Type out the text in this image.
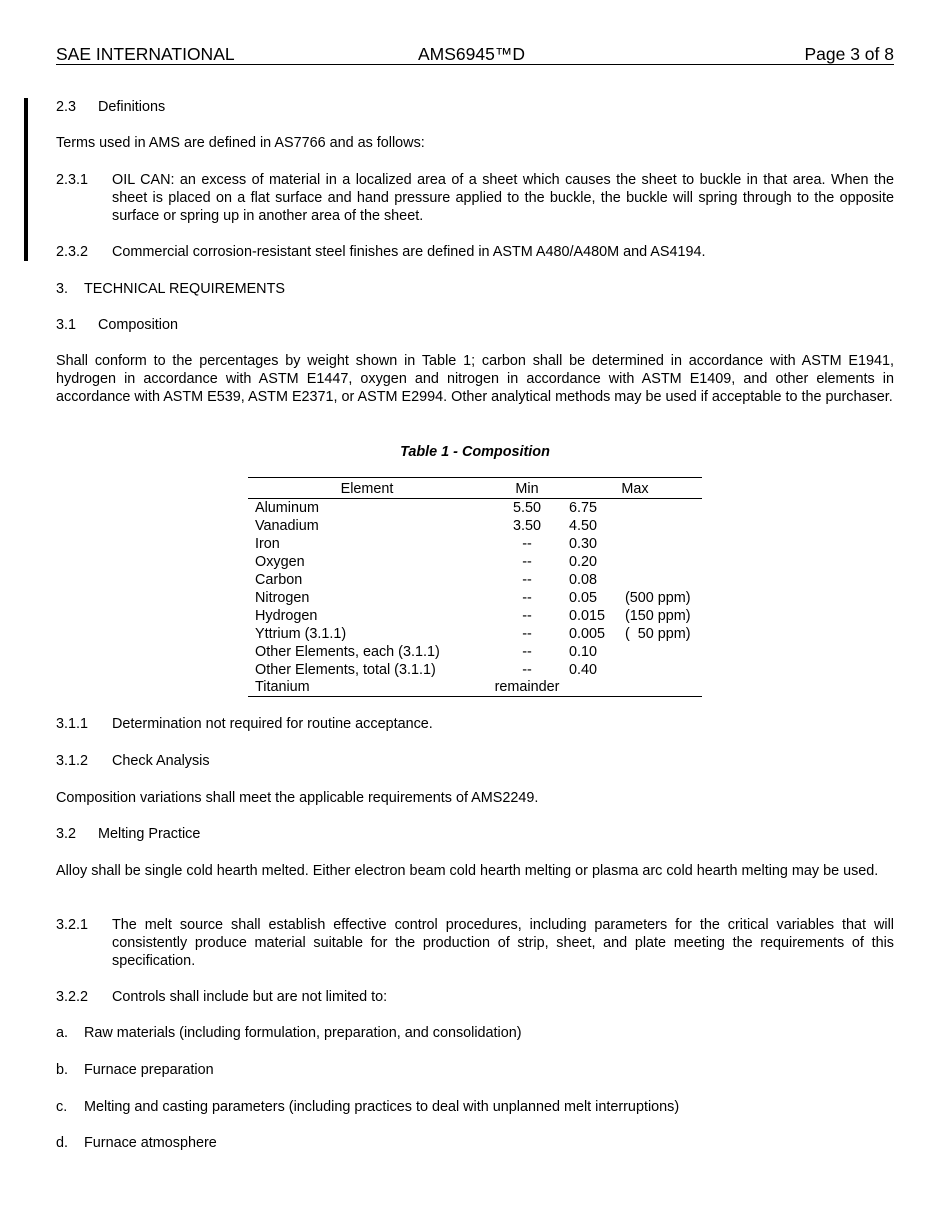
SAE INTERNATIONAL	AMS6945™D	Page 3 of 8
2.3 Definitions
Terms used in AMS are defined in AS7766 and as follows:
2.3.1 OIL CAN: an excess of material in a localized area of a sheet which causes the sheet to buckle in that area. When the sheet is placed on a flat surface and hand pressure applied to the buckle, the buckle will spring through to the opposite surface or spring up in another area of the sheet.
2.3.2 Commercial corrosion-resistant steel finishes are defined in ASTM A480/A480M and AS4194.
3. TECHNICAL REQUIREMENTS
3.1 Composition
Shall conform to the percentages by weight shown in Table 1; carbon shall be determined in accordance with ASTM E1941, hydrogen in accordance with ASTM E1447, oxygen and nitrogen in accordance with ASTM E1409, and other elements in accordance with ASTM E539, ASTM E2371, or ASTM E2994. Other analytical methods may be used if acceptable to the purchaser.
Table 1 - Composition
Element	Min	Max
Aluminum	5.50	6.75
Vanadium	3.50	4.50
Iron	--	0.30
Oxygen	--	0.20
Carbon	--	0.08
Nitrogen	--	0.05 (500 ppm)
Hydrogen	--	0.015 (150 ppm)
Yttrium (3.1.1)	--	0.005 (  50 ppm)
Other Elements, each (3.1.1)	--	0.10
Other Elements, total (3.1.1)	--	0.40
Titanium	remainder
3.1.1 Determination not required for routine acceptance.
3.1.2 Check Analysis
Composition variations shall meet the applicable requirements of AMS2249.
3.2 Melting Practice
Alloy shall be single cold hearth melted. Either electron beam cold hearth melting or plasma arc cold hearth melting may be used.
3.2.1 The melt source shall establish effective control procedures, including parameters for the critical variables that will consistently produce material suitable for the production of strip, sheet, and plate meeting the requirements of this specification.
3.2.2 Controls shall include but are not limited to:
a. Raw materials (including formulation, preparation, and consolidation)
b. Furnace preparation
c. Melting and casting parameters (including practices to deal with unplanned melt interruptions)
d. Furnace atmosphere
